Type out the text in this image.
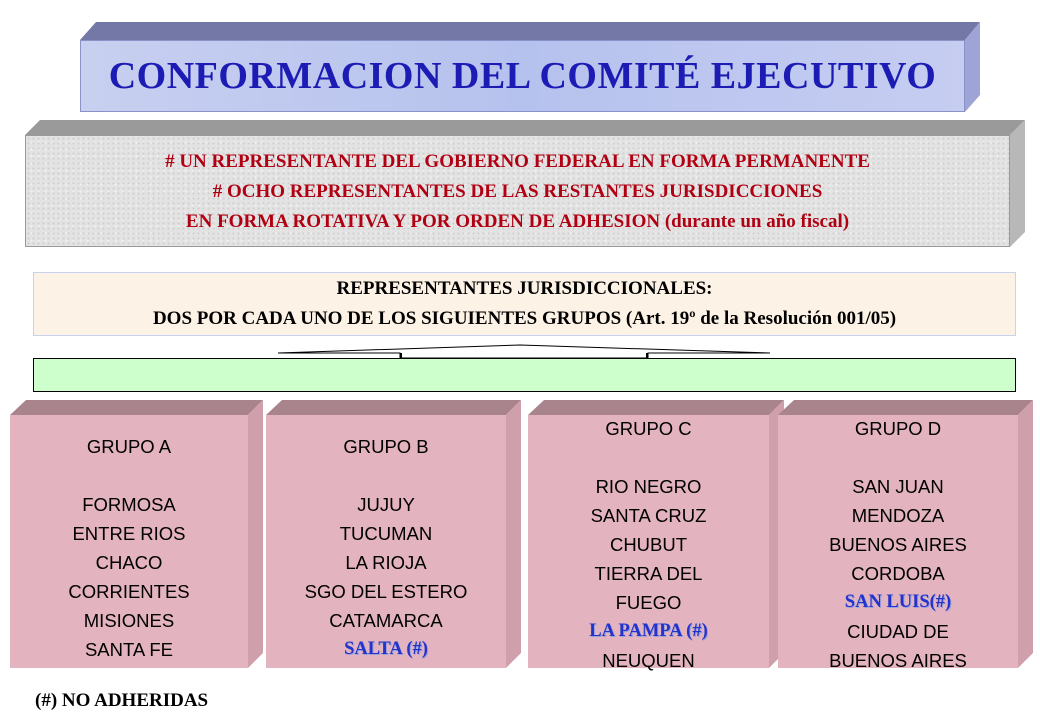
CONFORMACION DEL COMITÉ EJECUTIVO
# UN REPRESENTANTE DEL GOBIERNO FEDERAL EN FORMA PERMANENTE
# OCHO REPRESENTANTES DE LAS RESTANTES JURISDICCIONES
EN FORMA ROTATIVA Y POR ORDEN DE ADHESION (durante un año fiscal)
REPRESENTANTES JURISDICCIONALES:
DOS POR CADA UNO DE LOS SIGUIENTES GRUPOS (Art. 19º de la Resolución 001/05)
GRUPO A
FORMOSA
ENTRE RIOS
CHACO
CORRIENTES
MISIONES
SANTA FE
GRUPO B
JUJUY
TUCUMAN
LA RIOJA
SGO DEL ESTERO
CATAMARCA
SALTA (#)
GRUPO C
RIO NEGRO
SANTA CRUZ
CHUBUT
TIERRA DEL
FUEGO
LA PAMPA (#)
NEUQUEN
GRUPO D
SAN JUAN
MENDOZA
BUENOS AIRES
CORDOBA
SAN LUIS(#)
CIUDAD DE
BUENOS AIRES
(#) NO ADHERIDAS
